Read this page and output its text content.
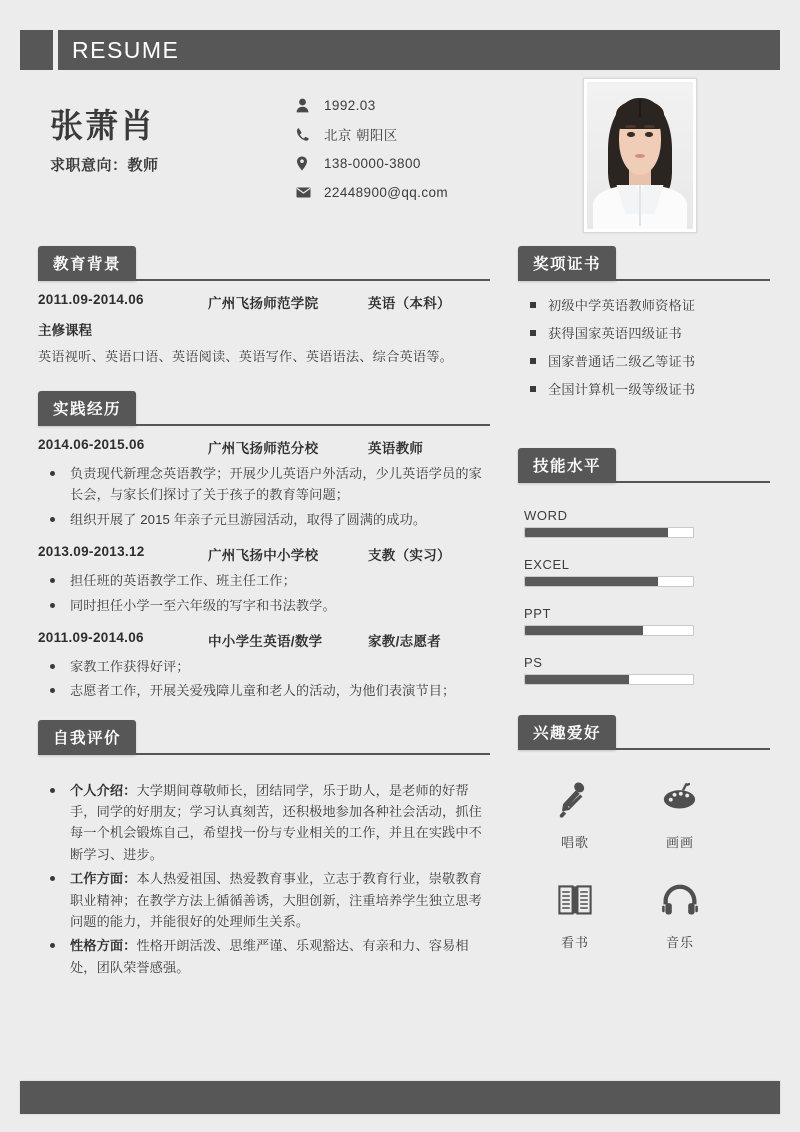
RESUME
张萧肖
求职意向：教师
1992.03
北京 朝阳区
138-0000-3800
22448900@qq.com
教育背景
2011.09-2014.06	广州飞扬师范学院	英语（本科）
主修课程
英语视听、英语口语、英语阅读、英语写作、英语语法、综合英语等。
实践经历
2014.06-2015.06	广州飞扬师范分校	英语教师
负责现代新理念英语教学；开展少儿英语户外活动，少儿英语学员的家长会，与家长们探讨了关于孩子的教育等问题；
组织开展了 2015 年亲子元旦游园活动，取得了圆满的成功。
2013.09-2013.12	广州飞扬中小学校	支教（实习）
担任班的英语教学工作、班主任工作；
同时担任小学一至六年级的写字和书法教学。
2011.09-2014.06	中小学生英语/数学	家教/志愿者
家教工作获得好评；
志愿者工作，开展关爱残障儿童和老人的活动，为他们表演节目；
自我评价
个人介绍：大学期间尊敬师长，团结同学，乐于助人，是老师的好帮手，同学的好朋友；学习认真刻苦，还积极地参加各种社会活动，抓住每一个机会锻炼自己，希望找一份与专业相关的工作，并且在实践中不断学习、进步。
工作方面：本人热爱祖国、热爱教育事业，立志于教育行业，崇敬教育职业精神；在教学方法上循循善诱，大胆创新，注重培养学生独立思考问题的能力，并能很好的处理师生关系。
性格方面：性格开朗活泼、思维严谨、乐观豁达、有亲和力、容易相处，团队荣誉感强。
奖项证书
初级中学英语教师资格证
获得国家英语四级证书
国家普通话二级乙等证书
全国计算机一级等级证书
技能水平
WORD
EXCEL
PPT
PS
兴趣爱好
唱歌	画画
看书	音乐
